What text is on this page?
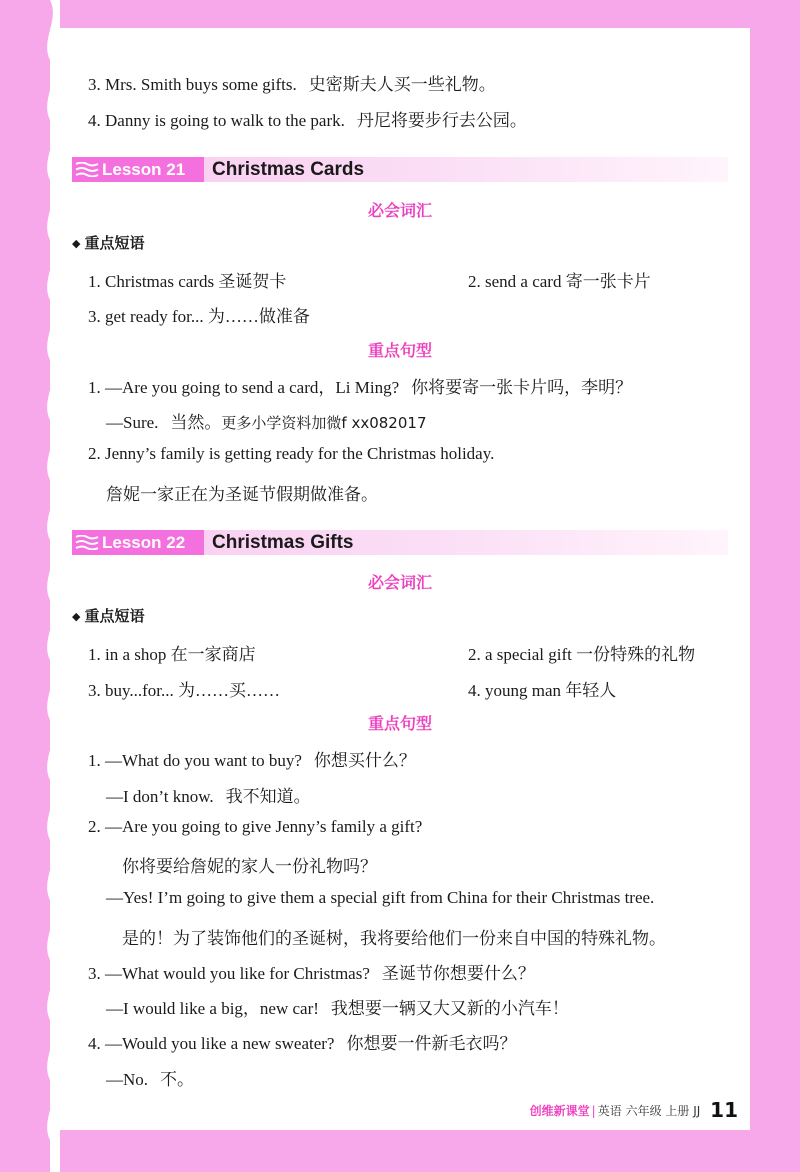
3. Mrs. Smith buys some gifts. 史密斯夫人买一些礼物。
4. Danny is going to walk to the park. 丹尼将要步行去公园。
Lesson 21 Christmas Cards
必会词汇
◆ 重点短语
1. Christmas cards 圣诞贺卡	2. send a card 寄一张卡片
3. get ready for... 为……做准备
重点句型
1. —Are you going to send a card，Li Ming? 你将要寄一张卡片吗，李明？
—Sure. 当然。更多小学资料加微f xx082017
2. Jenny’s family is getting ready for the Christmas holiday.
詹妮一家正在为圣诞节假期做准备。
Lesson 22 Christmas Gifts
必会词汇
◆ 重点短语
1. in a shop 在一家商店	2. a special gift 一份特殊的礼物
3. buy...for... 为……买……	4. young man 年轻人
重点句型
1. —What do you want to buy? 你想买什么？
—I don’t know. 我不知道。
2. —Are you going to give Jenny’s family a gift?
你将要给詹妮的家人一份礼物吗？
—Yes! I’m going to give them a special gift from China for their Christmas tree.
是的！为了装饰他们的圣诞树，我将要给他们一份来自中国的特殊礼物。
3. —What would you like for Christmas? 圣诞节你想要什么？
—I would like a big，new car! 我想要一辆又大又新的小汽车！
4. —Would you like a new sweater? 你想要一件新毛衣吗？
—No. 不。
创维新课堂 | 英语 六年级 上册 JJ 11
